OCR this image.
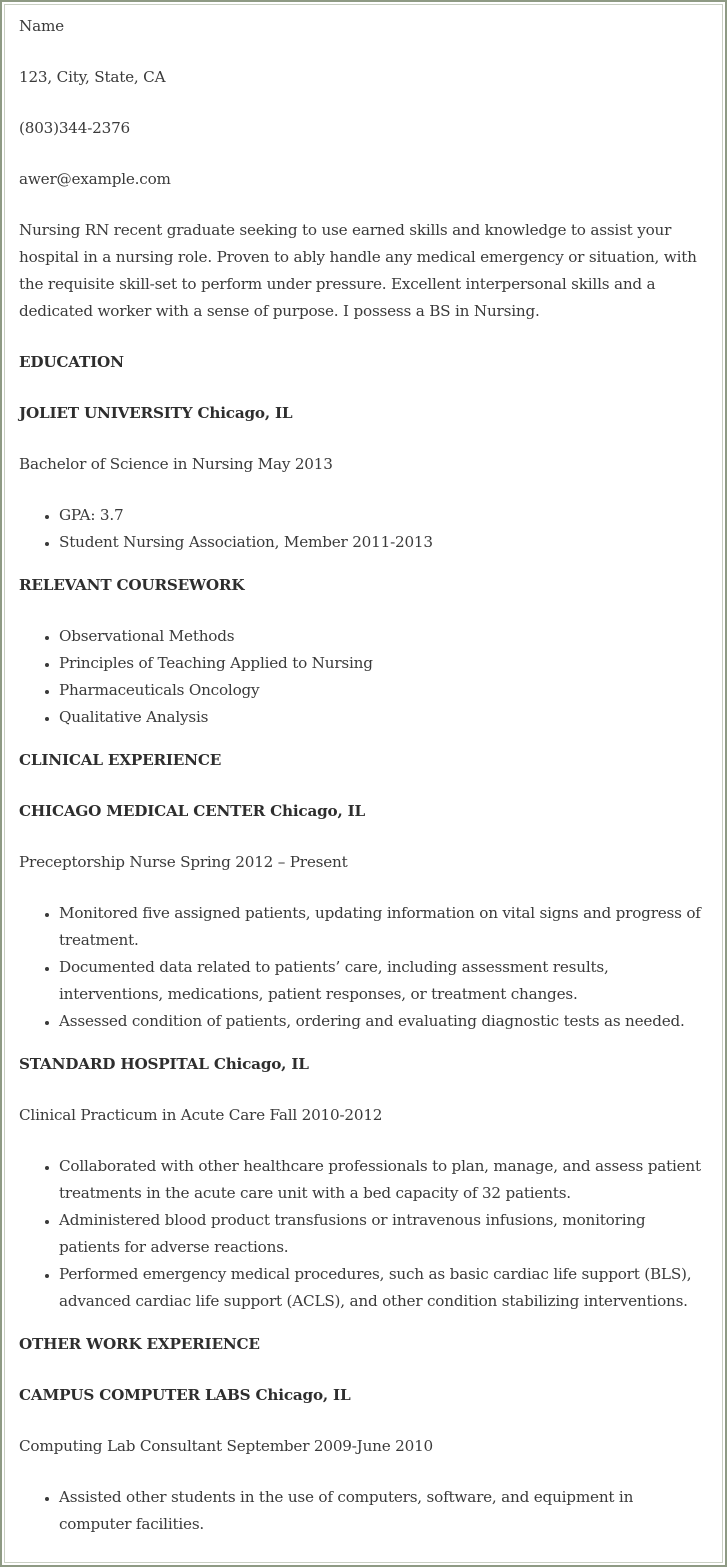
Name

123, City, State, CA

(803)344-2376

awer@example.com

Nursing RN recent graduate seeking to use earned skills and knowledge to assist your hospital in a nursing role. Proven to ably handle any medical emergency or situation, with the requisite skill-set to perform under pressure. Excellent interpersonal skills and a dedicated worker with a sense of purpose. I possess a BS in Nursing.

EDUCATION

JOLIET UNIVERSITY Chicago, IL

Bachelor of Science in Nursing May 2013

• GPA: 3.7
• Student Nursing Association, Member 2011-2013

RELEVANT COURSEWORK

• Observational Methods
• Principles of Teaching Applied to Nursing
• Pharmaceuticals Oncology
• Qualitative Analysis

CLINICAL EXPERIENCE

CHICAGO MEDICAL CENTER Chicago, IL

Preceptorship Nurse Spring 2012 – Present

• Monitored five assigned patients, updating information on vital signs and progress of treatment.
• Documented data related to patients’ care, including assessment results, interventions, medications, patient responses, or treatment changes.
• Assessed condition of patients, ordering and evaluating diagnostic tests as needed.

STANDARD HOSPITAL Chicago, IL

Clinical Practicum in Acute Care Fall 2010-2012

• Collaborated with other healthcare professionals to plan, manage, and assess patient treatments in the acute care unit with a bed capacity of 32 patients.
• Administered blood product transfusions or intravenous infusions, monitoring patients for adverse reactions.
• Performed emergency medical procedures, such as basic cardiac life support (BLS), advanced cardiac life support (ACLS), and other condition stabilizing interventions.

OTHER WORK EXPERIENCE

CAMPUS COMPUTER LABS Chicago, IL

Computing Lab Consultant September 2009-June 2010

• Assisted other students in the use of computers, software, and equipment in computer facilities.
